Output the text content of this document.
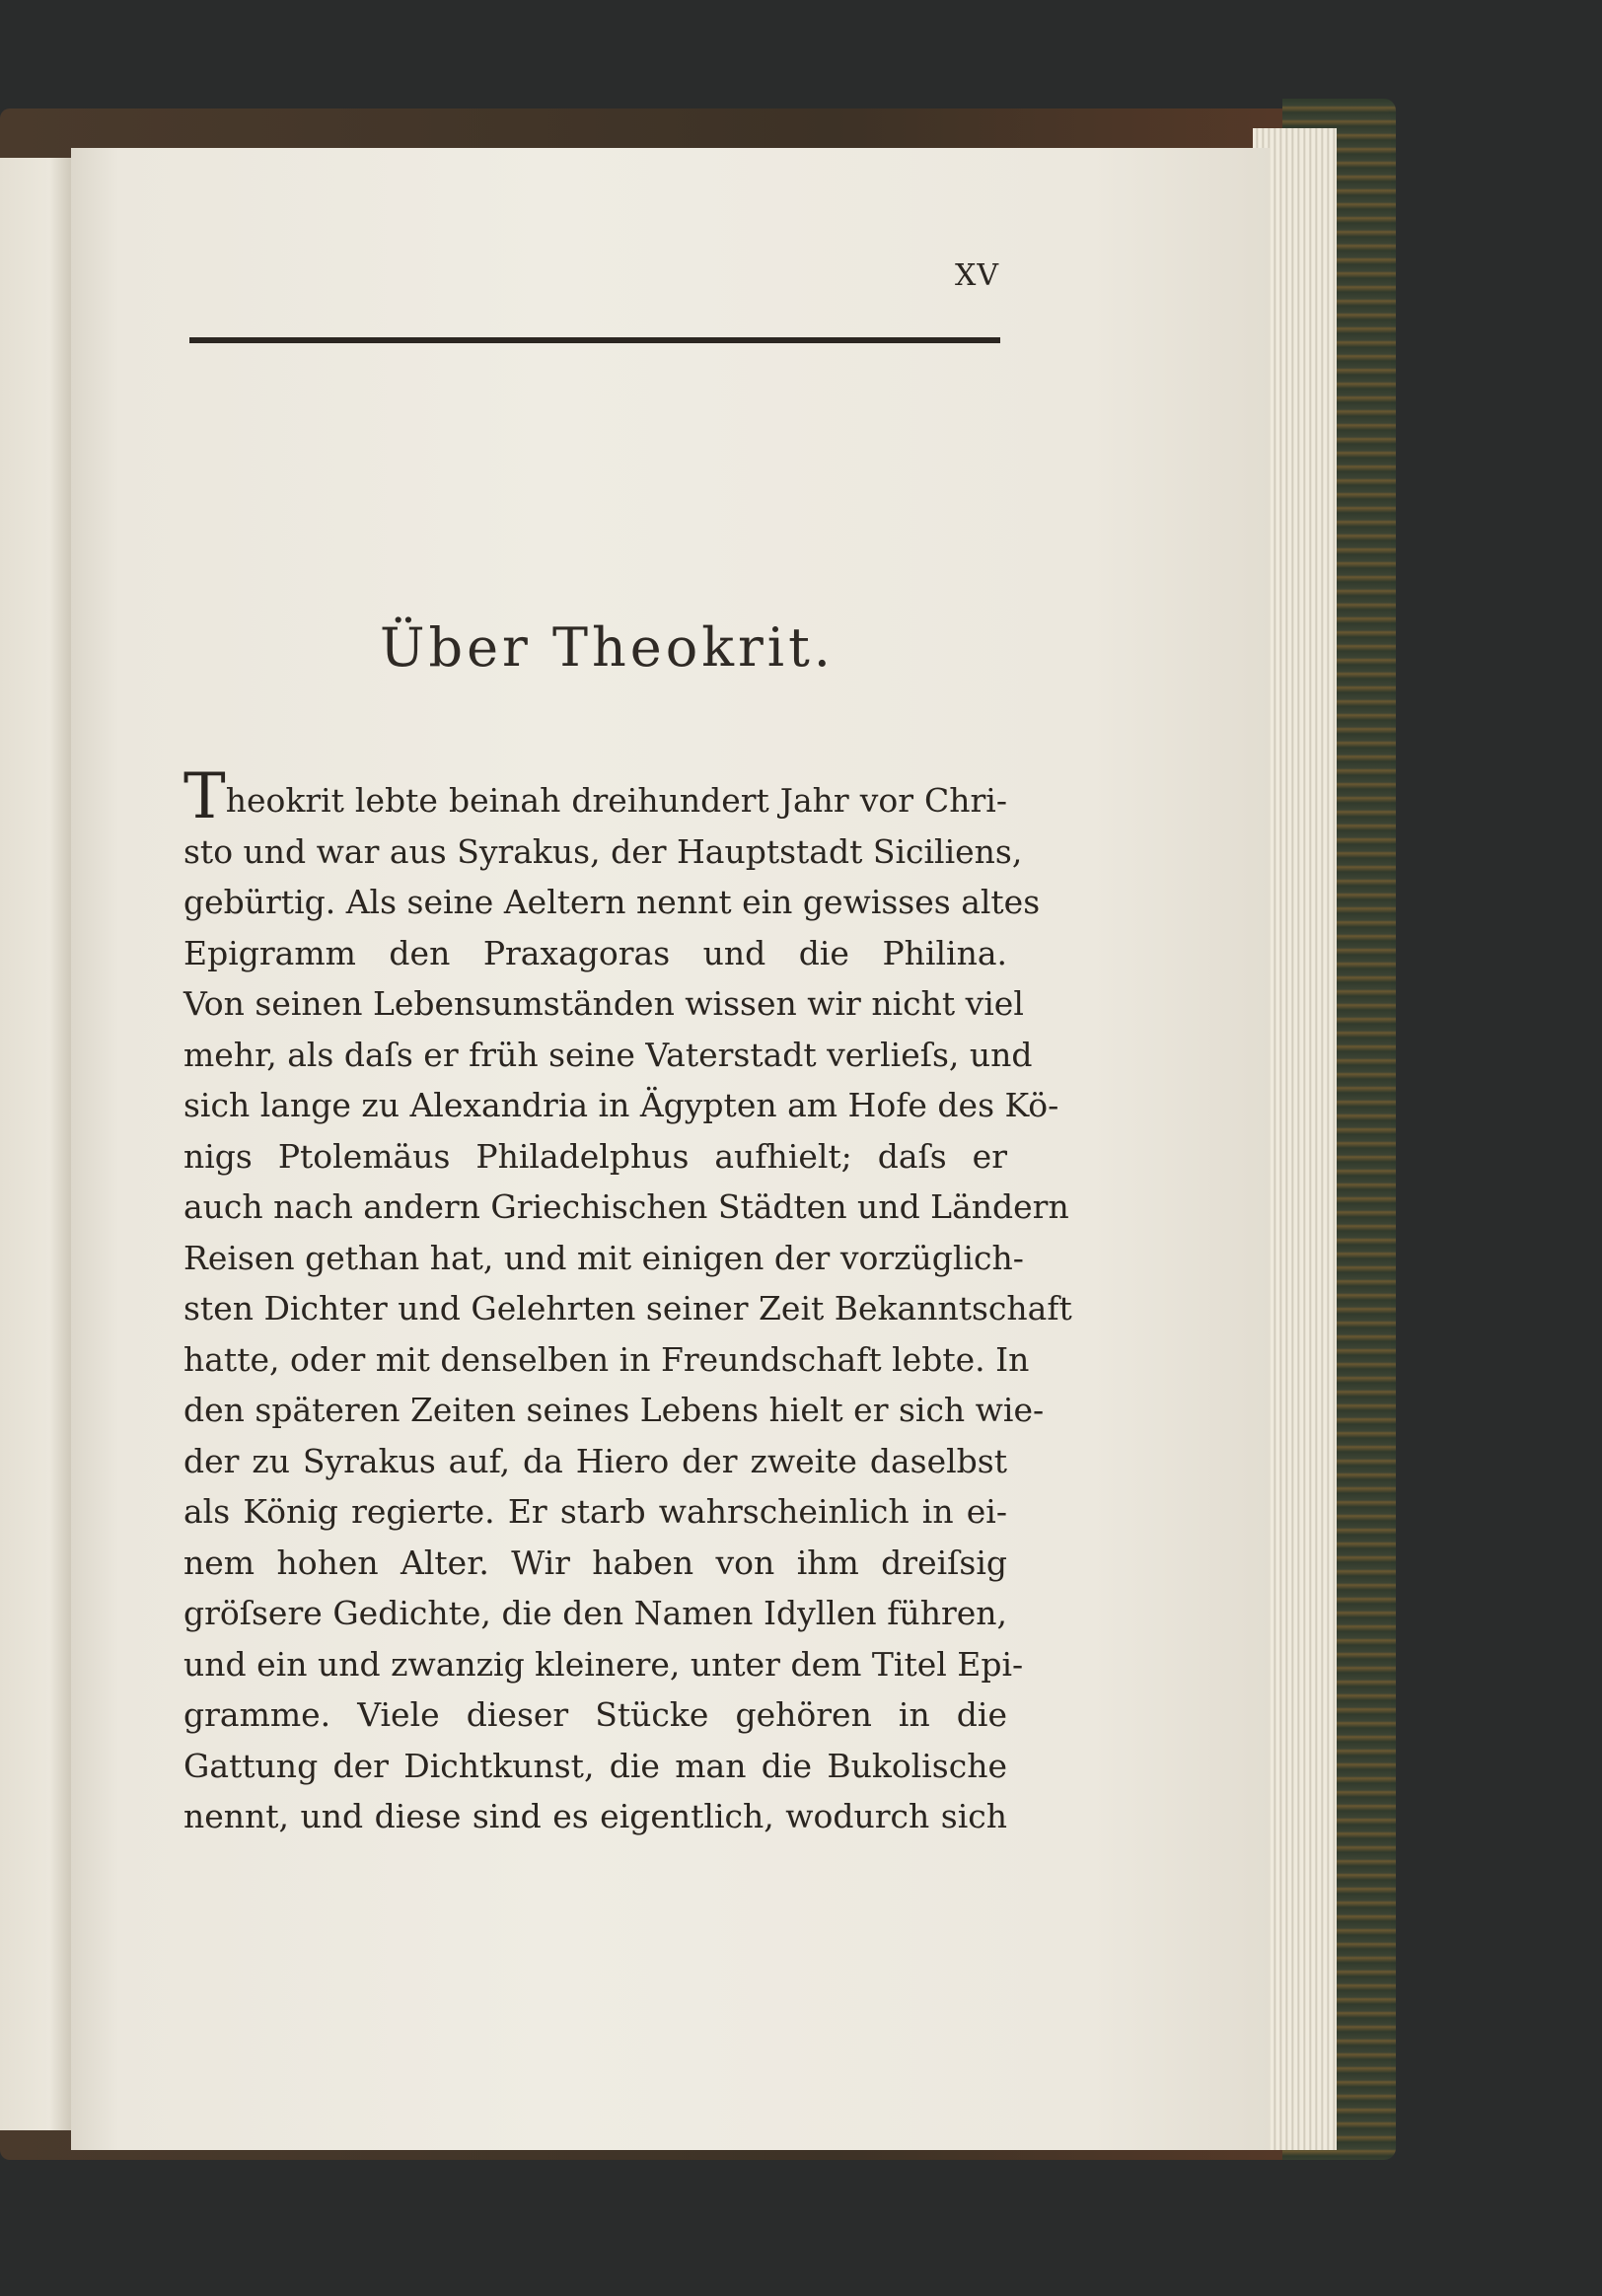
XV
Über Theokrit.
Theokrit lebte beinah dreihundert Jahr vor Chri-
sto und war aus Syrakus, der Hauptstadt Siciliens,
gebürtig. Als seine Aeltern nennt ein gewisses altes
Epigramm den Praxagoras und die Philina.
Von seinen Lebensumständen wissen wir nicht viel
mehr, als daſs er früh seine Vaterstadt verlieſs, und
sich lange zu Alexandria in Ägypten am Hofe des Kö-
nigs Ptolemäus Philadelphus aufhielt; daſs er
auch nach andern Griechischen Städten und Ländern
Reisen gethan hat, und mit einigen der vorzüglich-
sten Dichter und Gelehrten seiner Zeit Bekanntschaft
hatte, oder mit denselben in Freundschaft lebte. In
den späteren Zeiten seines Lebens hielt er sich wie-
der zu Syrakus auf, da Hiero der zweite daselbst
als König regierte. Er starb wahrscheinlich in ei-
nem hohen Alter. Wir haben von ihm dreiſsig
gröſsere Gedichte, die den Namen Idyllen führen,
und ein und zwanzig kleinere, unter dem Titel Epi-
gramme. Viele dieser Stücke gehören in die
Gattung der Dichtkunst, die man die Bukolische
nennt, und diese sind es eigentlich, wodurch sich
